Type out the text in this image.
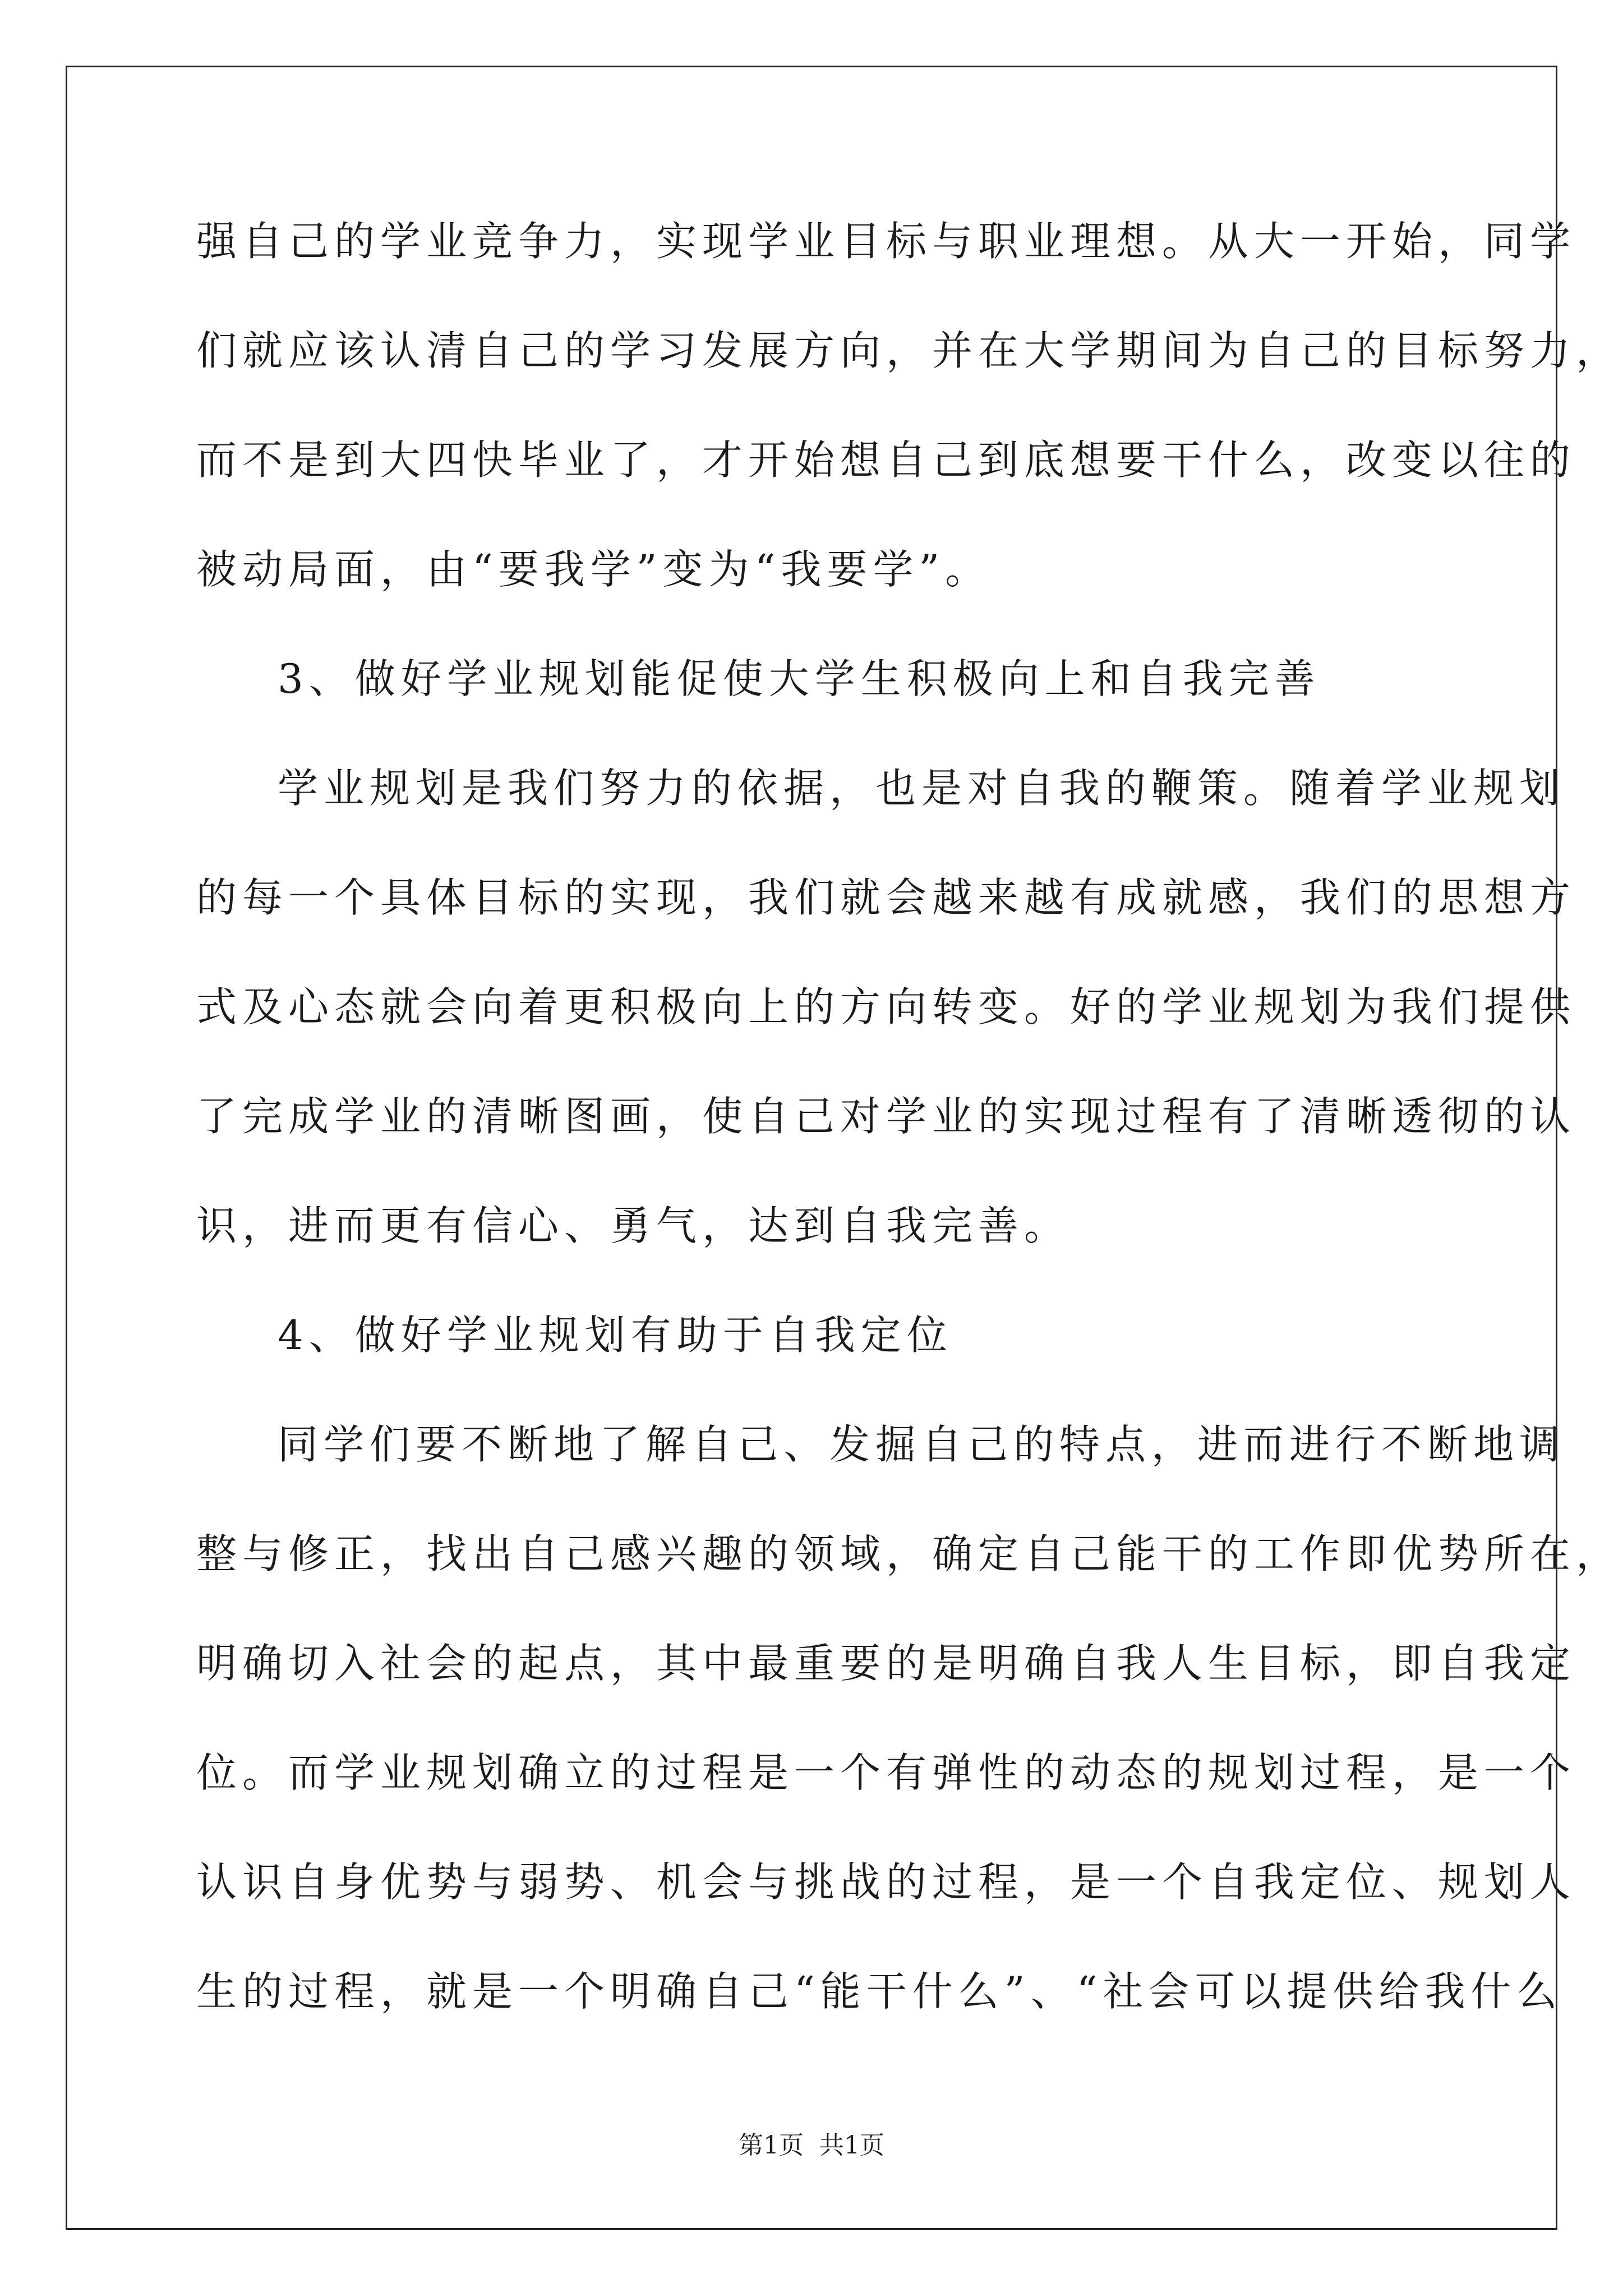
强自己的学业竞争力，实现学业目标与职业理想。从大一开始，同学
们就应该认清自己的学习发展方向，并在大学期间为自己的目标努力，
而不是到大四快毕业了，才开始想自己到底想要干什么，改变以往的
被动局面，由“要我学”变为“我要学”。
3、做好学业规划能促使大学生积极向上和自我完善
学业规划是我们努力的依据，也是对自我的鞭策。随着学业规划
的每一个具体目标的实现，我们就会越来越有成就感，我们的思想方
式及心态就会向着更积极向上的方向转变。好的学业规划为我们提供
了完成学业的清晰图画，使自己对学业的实现过程有了清晰透彻的认
识，进而更有信心、勇气，达到自我完善。
4、做好学业规划有助于自我定位
同学们要不断地了解自己、发掘自己的特点，进而进行不断地调
整与修正，找出自己感兴趣的领域，确定自己能干的工作即优势所在，
明确切入社会的起点，其中最重要的是明确自我人生目标，即自我定
位。而学业规划确立的过程是一个有弹性的动态的规划过程，是一个
认识自身优势与弱势、机会与挑战的过程，是一个自我定位、规划人
生的过程，就是一个明确自己“能干什么”、“社会可以提供给我什么
第1页 共1页
